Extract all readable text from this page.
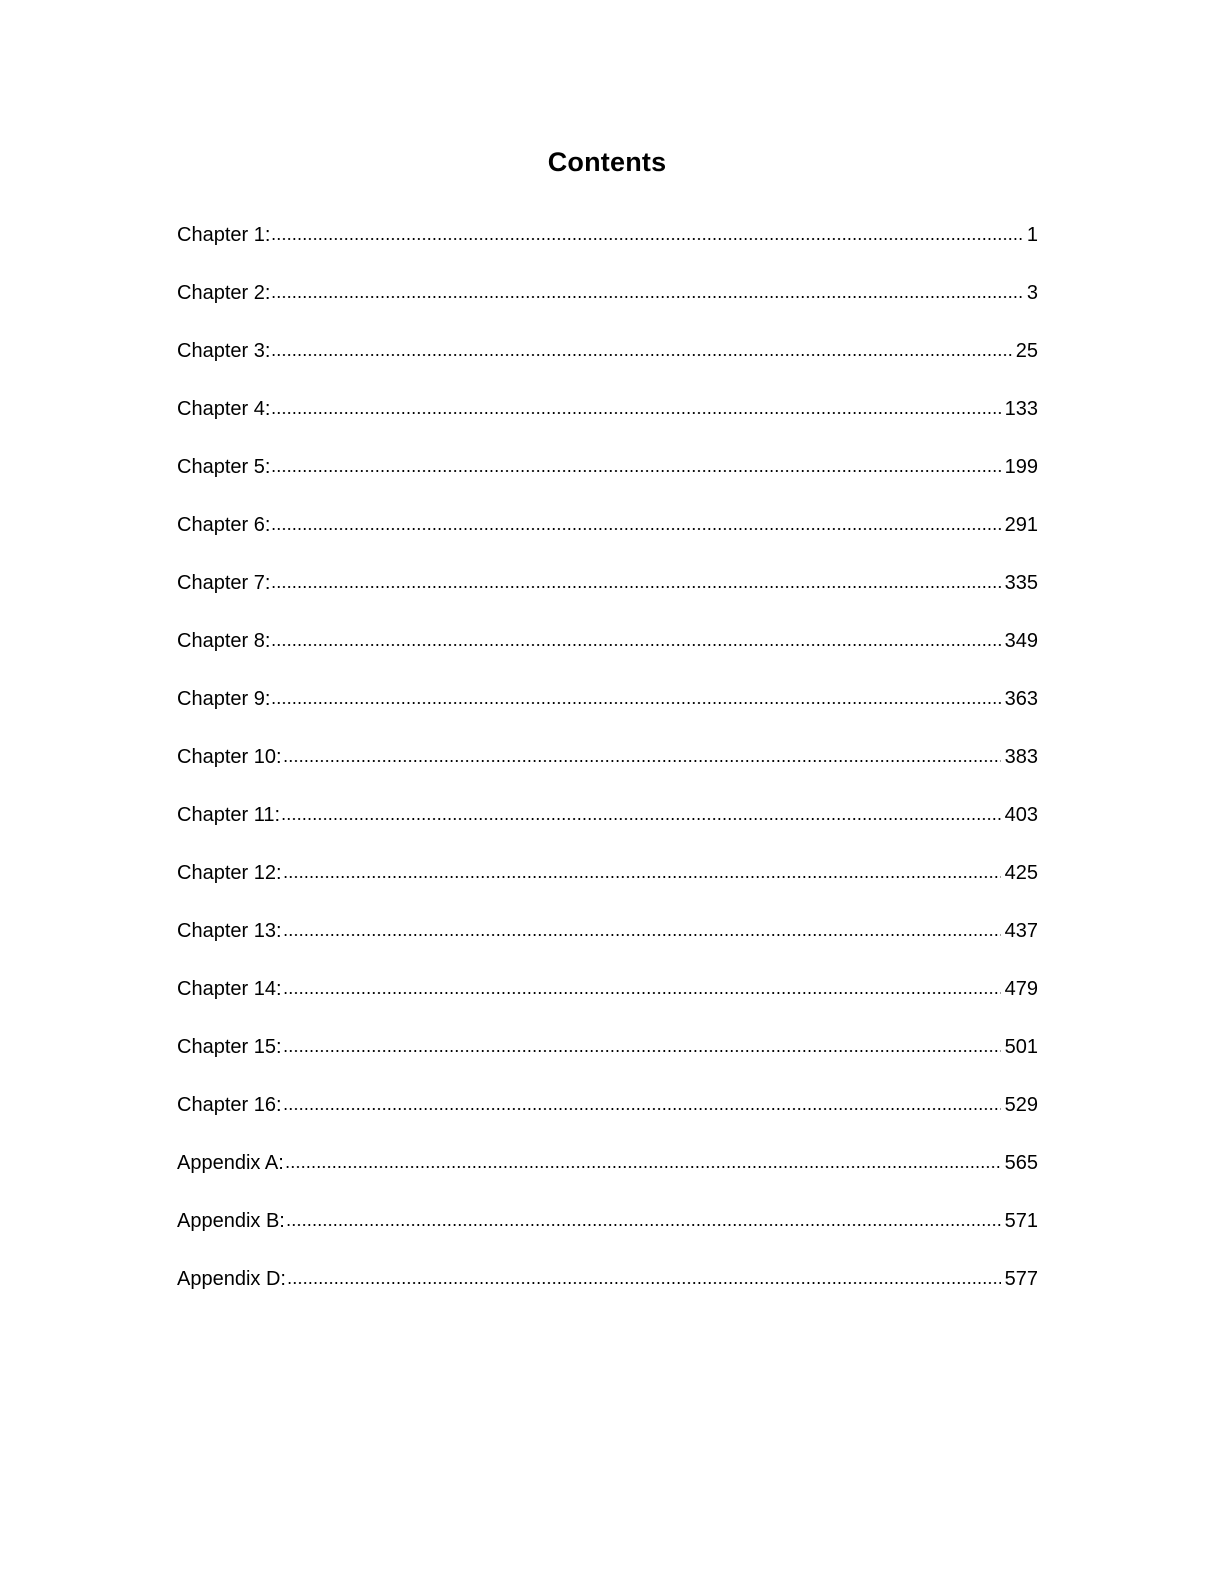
Contents
Chapter 1:	1
Chapter 2:	3
Chapter 3:	25
Chapter 4:	133
Chapter 5:	199
Chapter 6:	291
Chapter 7:	335
Chapter 8:	349
Chapter 9:	363
Chapter 10:	383
Chapter 11:	403
Chapter 12:	425
Chapter 13:	437
Chapter 14:	479
Chapter 15:	501
Chapter 16:	529
Appendix A:	565
Appendix B:	571
Appendix D:	577
